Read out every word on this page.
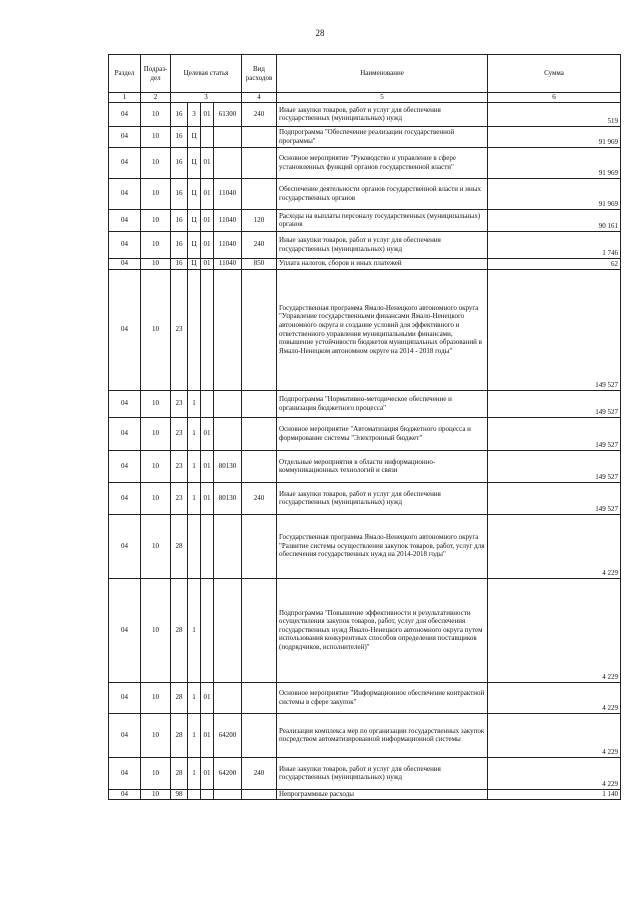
28
Раздел	Подраз-дел	Целевая статья				Вид расходов	Наименование	Сумма
1	2	3				4	5	6
04	10	16	3	01	61300	240	Иные закупки товаров, работ и услуг для обеспечения государственных (муниципальных) нужд	519
04	10	16	Ц				Подпрограмма "Обеспечение реализации государственной программы"	91 969
04	10	16	Ц	01			Основное мероприятие "Руководство и управление в сфере установленных функций органов государственной власти"	91 969
04	10	16	Ц	01	11040		Обеспечение деятельности органов государственной власти и иных государственных органов	91 969
04	10	16	Ц	01	11040	120	Расходы на выплаты персоналу государственных (муниципальных) органов	90 161
04	10	16	Ц	01	11040	240	Иные закупки товаров, работ и услуг для обеспечения государственных (муниципальных) нужд	1 746
04	10	16	Ц	01	11040	850	Уплата налогов, сборов и иных платежей	62
04	10	23					Государственная программа Ямало-Ненецкого автономного округа "Управление государственными финансами Ямало-Ненецкого автономного округа и создание условий для эффективного и ответственного управления муниципальными финансами, повышение устойчивости бюджетов муниципальных образований в Ямало-Ненецком автономном округе на 2014 - 2018 годы"	149 527
04	10	23	1				Подпрограмма "Нормативно-методическое обеспечение и организация бюджетного процесса"	149 527
04	10	23	1	01			Основное мероприятие "Автоматизация бюджетного процесса и формирование системы "Электронный бюджет"	149 527
04	10	23	1	01	80130		Отдельные мероприятия в области информационно-коммуникационных технологий и связи	149 527
04	10	23	1	01	80130	240	Иные закупки товаров, работ и услуг для обеспечения государственных (муниципальных) нужд	149 527
04	10	28					Государственная программа Ямало-Ненецкого автономного округа "Развитие системы осуществления закупок товаров, работ, услуг для обеспечения государственных нужд на 2014-2018 годы"	4 229
04	10	28	1				Подпрограмма "Повышение эффективности и результативности осуществления закупок товаров, работ, услуг для обеспечения государственных нужд Ямало-Ненецкого автономного округа путем использования конкурентных способов определения поставщиков (подрядчиков, исполнителей)"	4 229
04	10	28	1	01			Основное мероприятие "Информационное обеспечение контрактной системы в сфере закупок"	4 229
04	10	28	1	01	64200		Реализация комплекса мер по организации государственных закупок посредством автоматизированной информационной системы	4 229
04	10	28	1	01	64200	240	Иные закупки товаров, работ и услуг для обеспечения государственных (муниципальных) нужд	4 229
04	10	98					Непрограммные расходы	1 140
